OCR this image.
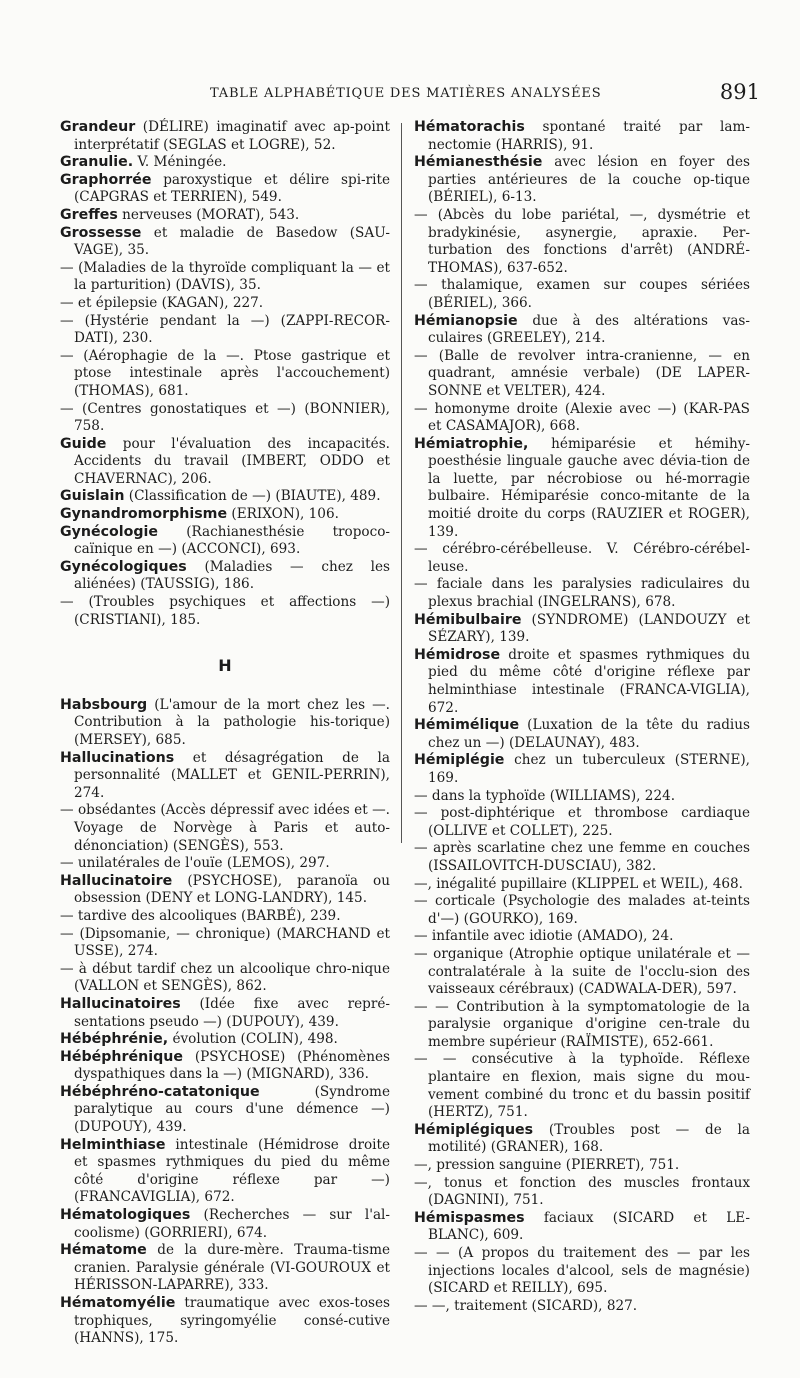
TABLE ALPHABÉTIQUE DES MATIÈRES ANALYSÉES	891
Grandeur (DÉLIRE) imaginatif avec ap-point interprétatif (SEGLAS et LOGRE), 52.
Granulie. V. Méningée.
Graphorrée paroxystique et délire spi-rite (CAPGRAS et TERRIEN), 549.
Greffes nerveuses (MORAT), 543.
Grossesse et maladie de Basedow (SAU-VAGE), 35.
— (Maladies de la thyroïde compliquant la — et la parturition) (DAVIS), 35.
— et épilepsie (KAGAN), 227.
— (Hystérie pendant la —) (ZAPPI-RECOR-DATI), 230.
— (Aérophagie de la —. Ptose gastrique et ptose intestinale après l'accouchement) (THOMAS), 681.
— (Centres gonostatiques et —) (BONNIER), 758.
Guide pour l'évaluation des incapacités. Accidents du travail (IMBERT, ODDO et CHAVERNAC), 206.
Guislain (Classification de —) (BIAUTE), 489.
Gynandromorphisme (ERIXON), 106.
Gynécologie (Rachianesthésie tropoco-caïnique en —) (ACCONCI), 693.
Gynécologiques (Maladies — chez les aliénées) (TAUSSIG), 186.
— (Troubles psychiques et affections —) (CRISTIANI), 185.
H
Habsbourg (L'amour de la mort chez les —. Contribution à la pathologie his-torique) (MERSEY), 685.
Hallucinations et désagrégation de la personnalité (MALLET et GENIL-PERRIN), 274.
— obsédantes (Accès dépressif avec idées et —. Voyage de Norvège à Paris et auto-dénonciation) (SENGÈS), 553.
— unilatérales de l'ouïe (LEMOS), 297.
Hallucinatoire (PSYCHOSE), paranoïa ou obsession (DENY et LONG-LANDRY), 145.
— tardive des alcooliques (BARBÉ), 239.
— (Dipsomanie, — chronique) (MARCHAND et USSE), 274.
— à début tardif chez un alcoolique chro-nique (VALLON et SENGÈS), 862.
Hallucinatoires (Idée fixe avec repré-sentations pseudo —) (DUPOUY), 439.
Hébéphrénie, évolution (COLIN), 498.
Hébéphrénique (PSYCHOSE) (Phénomènes dyspathiques dans la —) (MIGNARD), 336.
Hébéphréno-catatonique (Syndrome paralytique au cours d'une démence —) (DUPOUY), 439.
Helminthiase intestinale (Hémidrose droite et spasmes rythmiques du pied du même côté d'origine réflexe par —) (FRANCAVIGLIA), 672.
Hématologiques (Recherches — sur l'al-coolisme) (GORRIERI), 674.
Hématome de la dure-mère. Trauma-tisme cranien. Paralysie générale (VI-GOUROUX et HÉRISSON-LAPARRE), 333.
Hématomyélie traumatique avec exos-toses trophiques, syringomyélie consé-cutive (HANNS), 175.
Hématorachis spontané traité par lam-nectomie (HARRIS), 91.
Hémianesthésie avec lésion en foyer des parties antérieures de la couche op-tique (BÉRIEL), 6-13.
— (Abcès du lobe pariétal, —, dysmétrie et bradykinésie, asynergie, apraxie. Per-turbation des fonctions d'arrêt) (ANDRÉ-THOMAS), 637-652.
— thalamique, examen sur coupes sériées (BÉRIEL), 366.
Hémianopsie due à des altérations vas-culaires (GREELEY), 214.
— (Balle de revolver intra-cranienne, — en quadrant, amnésie verbale) (DE LAPER-SONNE et VELTER), 424.
— homonyme droite (Alexie avec —) (KAR-PAS et CASAMAJOR), 668.
Hémiatrophie, hémiparésie et hémihy-poesthésie linguale gauche avec dévia-tion de la luette, par nécrobiose ou hé-morragie bulbaire. Hémiparésie conco-mitante de la moitié droite du corps (RAUZIER et ROGER), 139.
— cérébro-cérébelleuse. V. Cérébro-cérébel-leuse.
— faciale dans les paralysies radiculaires du plexus brachial (INGELRANS), 678.
Hémibulbaire (SYNDROME) (LANDOUZY et SÉZARY), 139.
Hémidrose droite et spasmes rythmiques du pied du même côté d'origine réflexe par helminthiase intestinale (FRANCA-VIGLIA), 672.
Hémimélique (Luxation de la tête du radius chez un —) (DELAUNAY), 483.
Hémiplégie chez un tuberculeux (STERNE), 169.
— dans la typhoïde (WILLIAMS), 224.
— post-diphtérique et thrombose cardiaque (OLLIVE et COLLET), 225.
— après scarlatine chez une femme en couches (ISSAILOVITCH-DUSCIAU), 382.
—, inégalité pupillaire (KLIPPEL et WEIL), 468.
— corticale (Psychologie des malades at-teints d'—) (GOURKO), 169.
— infantile avec idiotie (AMADO), 24.
— organique (Atrophie optique unilatérale et — contralatérale à la suite de l'occlu-sion des vaisseaux cérébraux) (CADWALA-DER), 597.
— — Contribution à la symptomatologie de la paralysie organique d'origine cen-trale du membre supérieur (RAÏMISTE), 652-661.
— — consécutive à la typhoïde. Réflexe plantaire en flexion, mais signe du mou-vement combiné du tronc et du bassin positif (HERTZ), 751.
Hémiplégiques (Troubles post — de la motilité) (GRANER), 168.
—, pression sanguine (PIERRET), 751.
—, tonus et fonction des muscles frontaux (DAGNINI), 751.
Hémispasmes faciaux (SICARD et LE-BLANC), 609.
— — (A propos du traitement des — par les injections locales d'alcool, sels de magnésie) (SICARD et REILLY), 695.
— —, traitement (SICARD), 827.
